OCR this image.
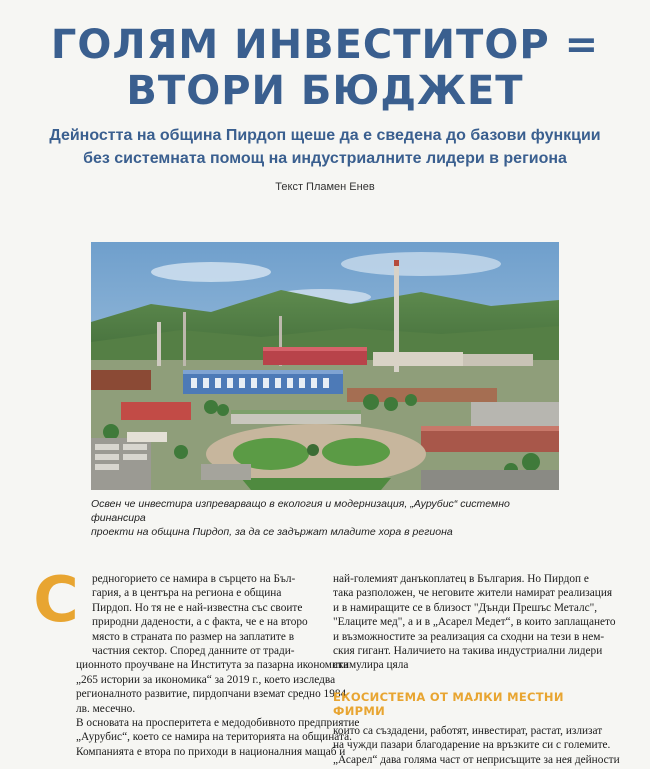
ГОЛЯМ ИНВЕСТИТОР =
ВТОРИ БЮДЖЕТ
Дейността на община Пирдоп щеше да е сведена до базови функции
без системната помощ на индустриалните лидери в региона
Текст Пламен Енев
Освен че инвестира изпреварващо в екология и модернизация, „Аурубис“ системно финансира
проекти на община Пирдоп, за да се задържат младите хора в региона
С редногорието се намира в сърцето на Бъл-
гария, а в центъра на региона е община
Пирдоп. Но тя не е най-известна със своите
природни дадености, а с факта, че е на второ
място в страната по размер на заплатите в
частния сектор. Според данните от тради-
ционното проучване на Института за пазарна икономика
„265 истории за икономика“ за 2019 г., което изследва
регионалното развитие, пирдопчани вземат средно 1984
лв. месечно.

В основата на просперитета е медодобивното предприятие
„Аурубис“, което се намира на територията на общината.
Компанията е втора по приходи в националния мащаб и

най-големият данъкоплатец в България. Но Пирдоп е
така разположен, че неговите жители намират реализация
и в намиращите се в близост "Дънди Прешъс Металс",
"Елаците мед", а и в „Асарел Медет“, в които заплащането
и възможностите за реализация са сходни на тези в нем-
ския гигант. Наличието на такива индустриални лидери
стимулира цяла

ЕКОСИСТЕМА ОТ МАЛКИ МЕСТНИ ФИРМИ
които са създадени, работят, инвестират, растат, излизат
на чужди пазари благодарение на връзките си с големите.
„Асарел“ дава голяма част от неприсъщите за нея дейности
